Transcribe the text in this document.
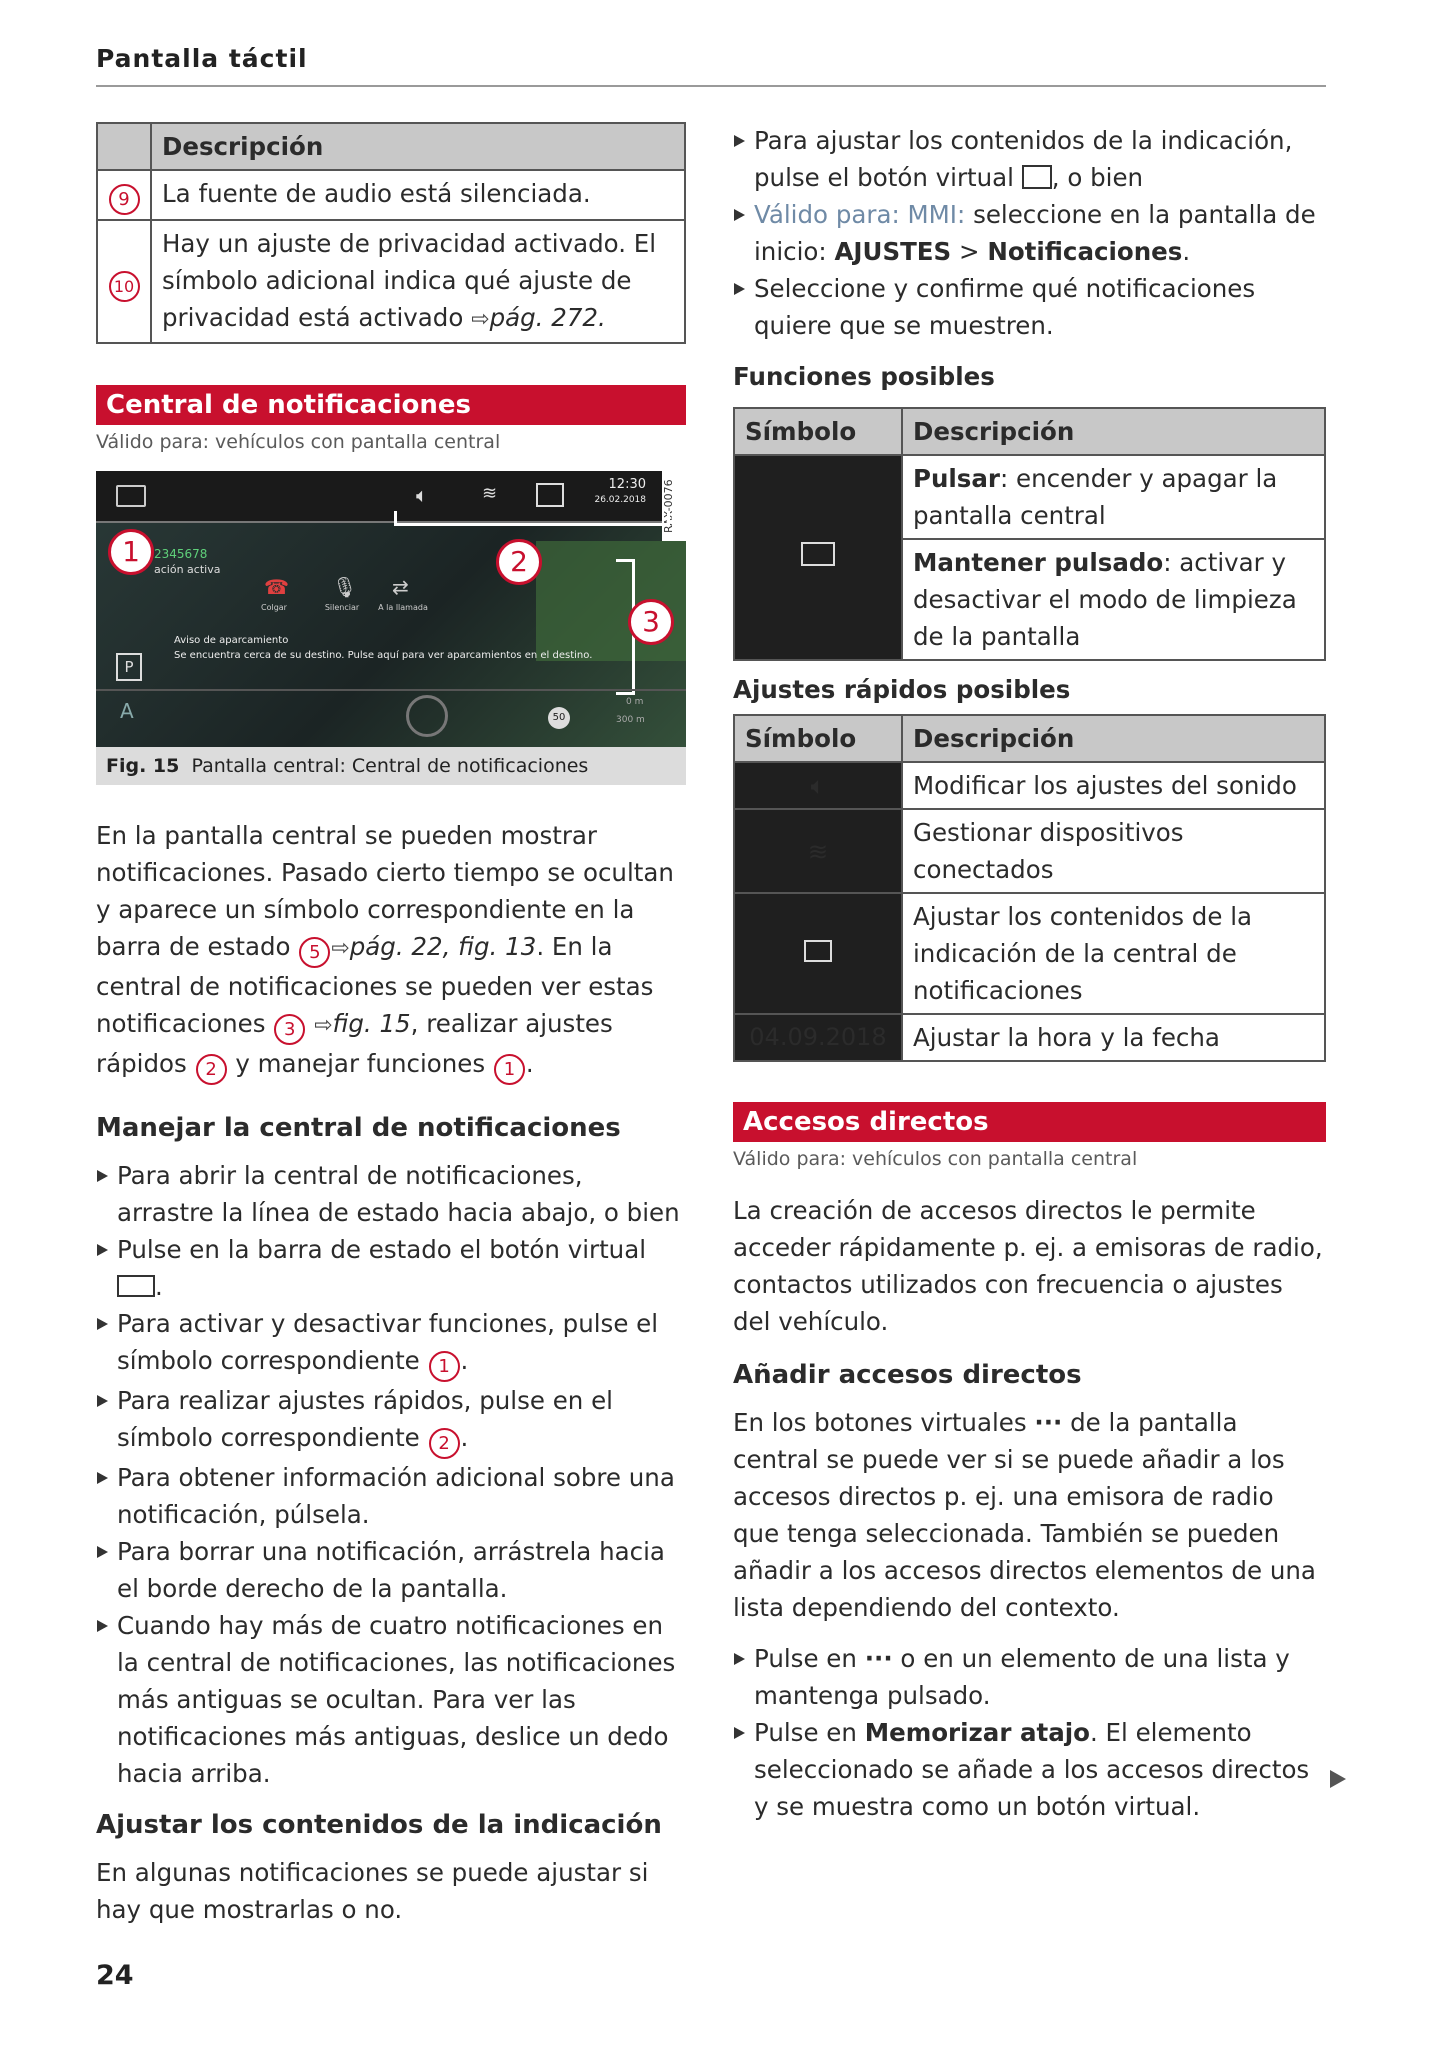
Pantalla táctil
	Descripción
9	La fuente de audio está silenciada.
10	Hay un ajuste de privacidad activado. El símbolo adicional indica qué ajuste de privacidad está activado ⇨pág. 272.
Central de notificaciones
Válido para: vehículos con pantalla central
🔈︎	≋	12:30
26.02.2018 RAX-0076
2345678
ación activa
☎
Colgar
🎙︎
Silenciar
⇄
A la llamada
P
Aviso de aparcamiento
Se encuentra cerca de su destino. Pulse aquí para ver aparcamientos en el destino.
A	50
0 m
300 m
1	2
3
Fig. 15 Pantalla central: Central de notificaciones

En la pantalla central se pueden mostrar notificaciones. Pasado cierto tiempo se ocultan y aparece un símbolo correspondiente en la barra de estado 5 ⇨pág. 22, fig. 13. En la central de notificaciones se pueden ver estas notificaciones 3 ⇨fig. 15, realizar ajustes rápidos 2 y manejar funciones 1 .

Manejar la central de notificaciones
Para abrir la central de notificaciones, arrastre la línea de estado hacia abajo, o bien
Pulse en la barra de estado el botón virtual .
Para activar y desactivar funciones, pulse el símbolo correspondiente 1 .
Para realizar ajustes rápidos, pulse en el símbolo correspondiente 2 .
Para obtener información adicional sobre una notificación, púlsela.
Para borrar una notificación, arrástrela hacia el borde derecho de la pantalla.
Cuando hay más de cuatro notificaciones en la central de notificaciones, las notificaciones más antiguas se ocultan. Para ver las notificaciones más antiguas, deslice un dedo hacia arriba.
Ajustar los contenidos de la indicación

En algunas notificaciones se puede ajustar si hay que mostrarlas o no.

Para ajustar los contenidos de la indicación, pulse el botón virtual , o bien
Válido para: MMI: seleccione en la pantalla de inicio: AJUSTES > Notificaciones.
Seleccione y confirme qué notificaciones quiere que se muestren.
Funciones posibles
Símbolo	Descripción
	Pulsar: encender y apagar la pantalla central
	Mantener pulsado: activar y desactivar el modo de limpieza de la pantalla
Ajustes rápidos posibles
Símbolo	Descripción
🔈︎	Modificar los ajustes del sonido
≋	Gestionar dispositivos conectados
	Ajustar los contenidos de la indicación de la central de notificaciones
04.09.2018	Ajustar la hora y la fecha
Accesos directos
Válido para: vehículos con pantalla central

La creación de accesos directos le permite acceder rápidamente p. ej. a emisoras de radio, contactos utilizados con frecuencia o ajustes del vehículo.

Añadir accesos directos

En los botones virtuales ··· de la pantalla central se puede ver si se puede añadir a los accesos directos p. ej. una emisora de radio que tenga seleccionada. También se pueden añadir a los accesos directos elementos de una lista dependiendo del contexto.

Pulse en ··· o en un elemento de una lista y mantenga pulsado.
Pulse en Memorizar atajo. El elemento seleccionado se añade a los accesos directos y se muestra como un botón virtual.
24
